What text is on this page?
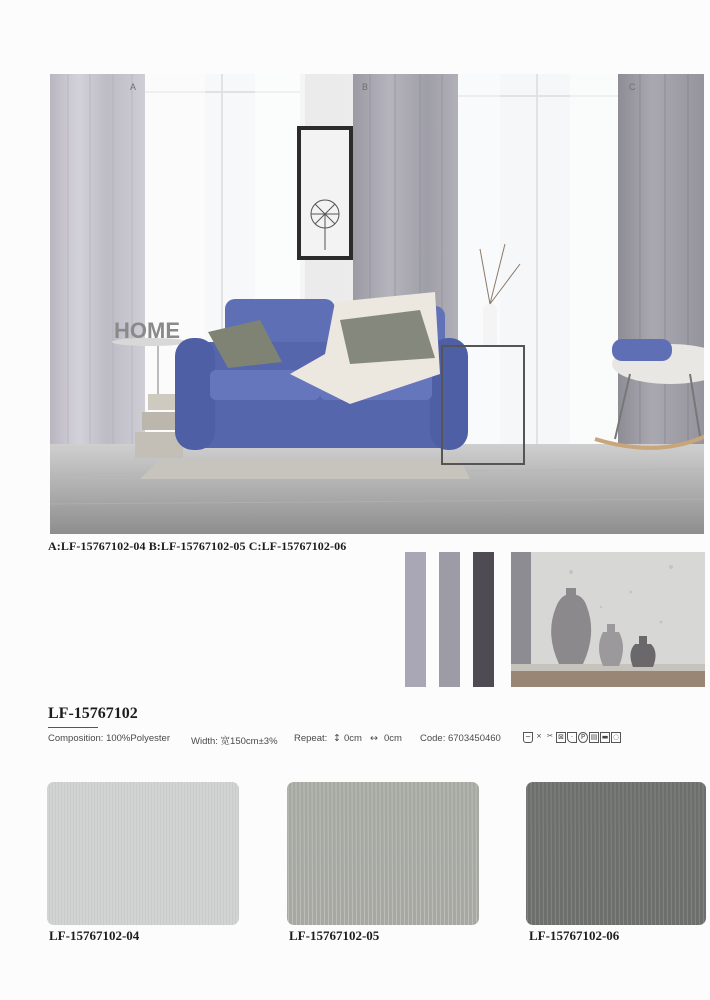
HOME
A	B	C
A:LF-15767102-04 B:LF-15767102-05 C:LF-15767102-06
LF-15767102
Composition: 100%Polyester Width: 宽150cm±3% Repeat: ↕ 0cm ↔ 0cm Code: 6703450460	~ ⨯ ✂ ⊠ ·	P ▤ ▬ ◌
LF-15767102-04	LF-15767102-05	LF-15767102-06
